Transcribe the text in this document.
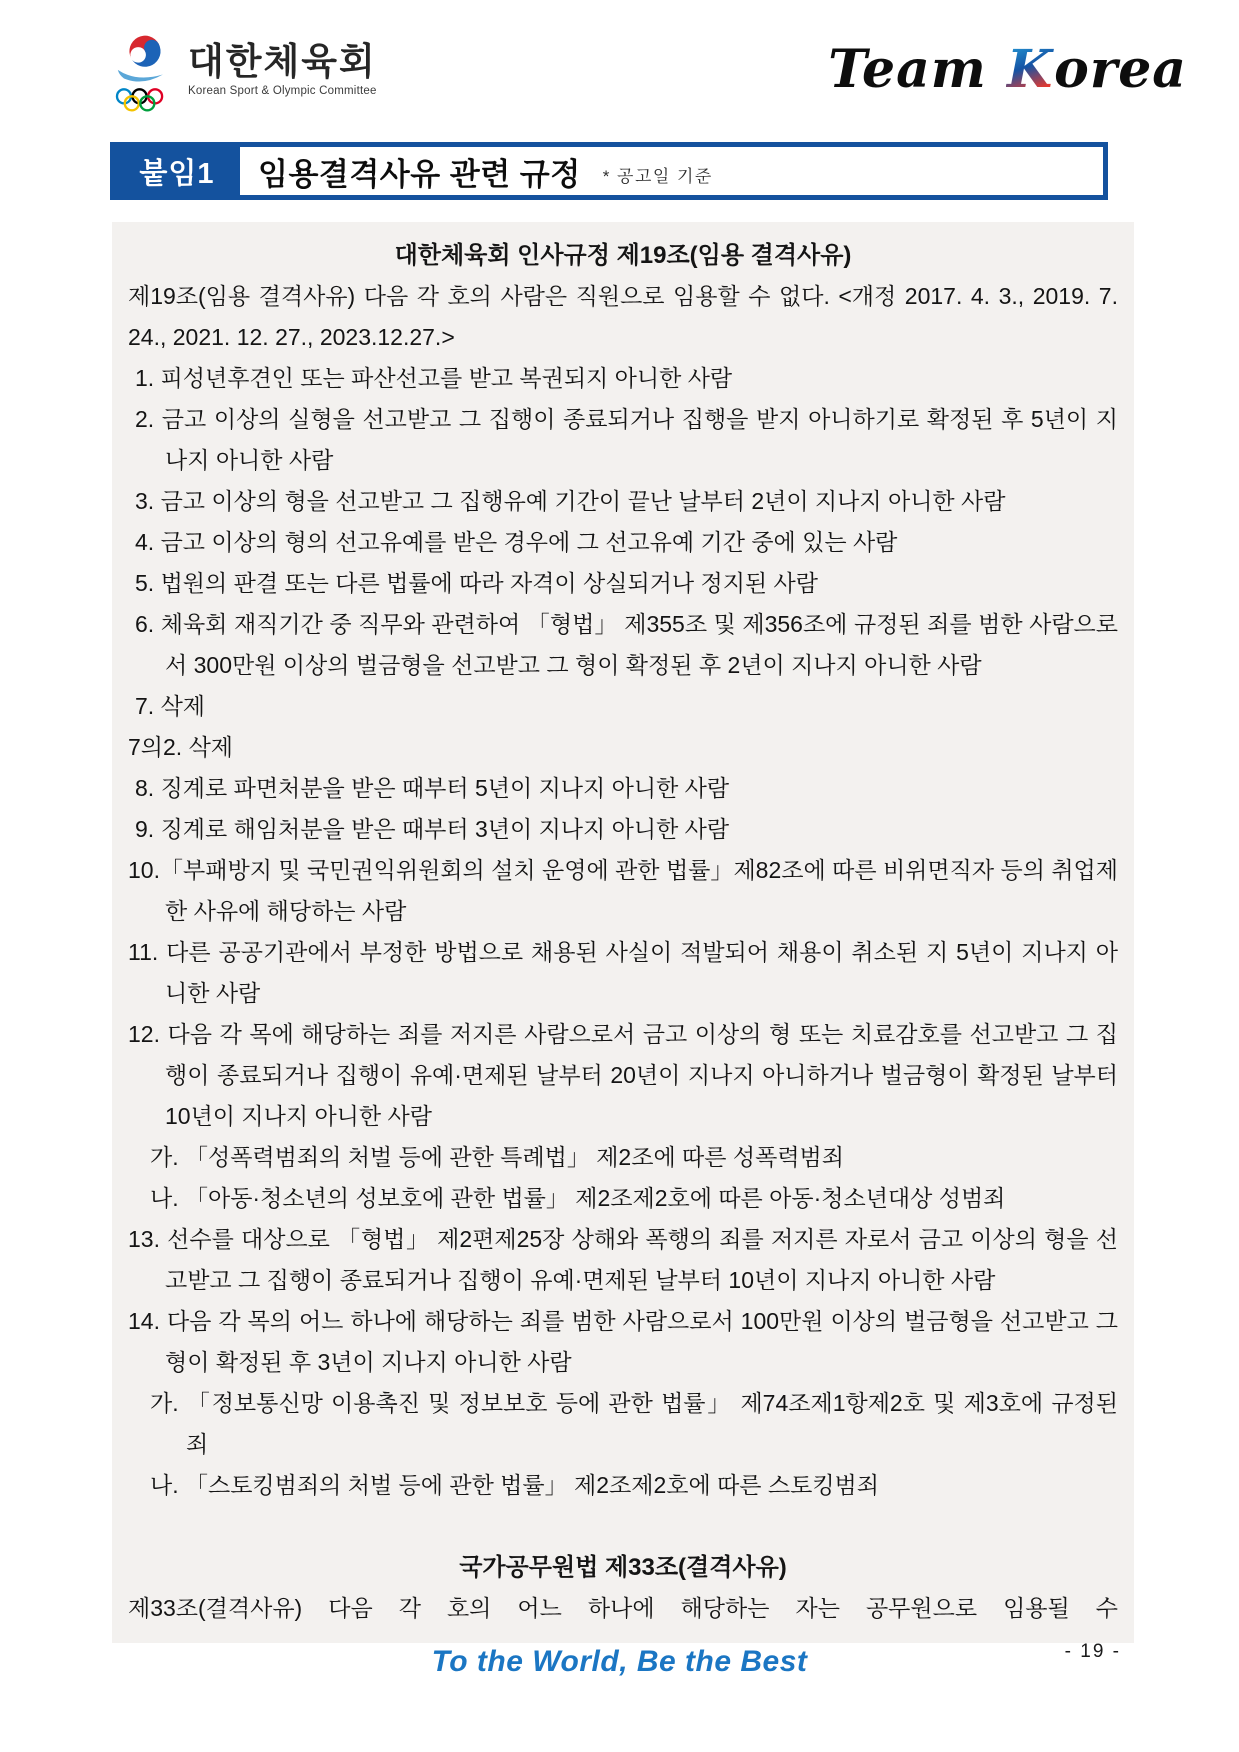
대한체육회
Korean Sport & Olympic Committee	Team Korea
붙임1	임용결격사유 관련 규정 * 공고일 기준
대한체육회 인사규정 제19조(임용 결격사유)

제19조(임용 결격사유) 다음 각 호의 사람은 직원으로 임용할 수 없다. <개정 2017. 4. 3., 2019. 7. 24., 2021. 12. 27., 2023.12.27.>

1. 피성년후견인 또는 파산선고를 받고 복권되지 아니한 사람

2. 금고 이상의 실형을 선고받고 그 집행이 종료되거나 집행을 받지 아니하기로 확정된 후 5년이 지나지 아니한 사람

3. 금고 이상의 형을 선고받고 그 집행유예 기간이 끝난 날부터 2년이 지나지 아니한 사람

4. 금고 이상의 형의 선고유예를 받은 경우에 그 선고유예 기간 중에 있는 사람

5. 법원의 판결 또는 다른 법률에 따라 자격이 상실되거나 정지된 사람

6. 체육회 재직기간 중 직무와 관련하여 「형법」 제355조 및 제356조에 규정된 죄를 범한 사람으로서 300만원 이상의 벌금형을 선고받고 그 형이 확정된 후 2년이 지나지 아니한 사람

7. 삭제

7의2. 삭제

8. 징계로 파면처분을 받은 때부터 5년이 지나지 아니한 사람

9. 징계로 해임처분을 받은 때부터 3년이 지나지 아니한 사람

10.「부패방지 및 국민권익위원회의 설치 운영에 관한 법률」제82조에 따른 비위면직자 등의 취업제한 사유에 해당하는 사람

11. 다른 공공기관에서 부정한 방법으로 채용된 사실이 적발되어 채용이 취소된 지 5년이 지나지 아니한 사람

12. 다음 각 목에 해당하는 죄를 저지른 사람으로서 금고 이상의 형 또는 치료감호를 선고받고 그 집행이 종료되거나 집행이 유예·면제된 날부터 20년이 지나지 아니하거나 벌금형이 확정된 날부터 10년이 지나지 아니한 사람

가. 「성폭력범죄의 처벌 등에 관한 특례법」 제2조에 따른 성폭력범죄

나. 「아동·청소년의 성보호에 관한 법률」 제2조제2호에 따른 아동·청소년대상 성범죄

13. 선수를 대상으로 「형법」 제2편제25장 상해와 폭행의 죄를 저지른 자로서 금고 이상의 형을 선고받고 그 집행이 종료되거나 집행이 유예·면제된 날부터 10년이 지나지 아니한 사람

14. 다음 각 목의 어느 하나에 해당하는 죄를 범한 사람으로서 100만원 이상의 벌금형을 선고받고 그 형이 확정된 후 3년이 지나지 아니한 사람

가. 「정보통신망 이용촉진 및 정보보호 등에 관한 법률」 제74조제1항제2호 및 제3호에 규정된 죄

나. 「스토킹범죄의 처벌 등에 관한 법률」 제2조제2호에 따른 스토킹범죄

국가공무원법 제33조(결격사유)

제33조(결격사유) 다음 각 호의 어느 하나에 해당하는 자는 공무원으로 임용될 수

To the World, Be the Best	- 19 -
